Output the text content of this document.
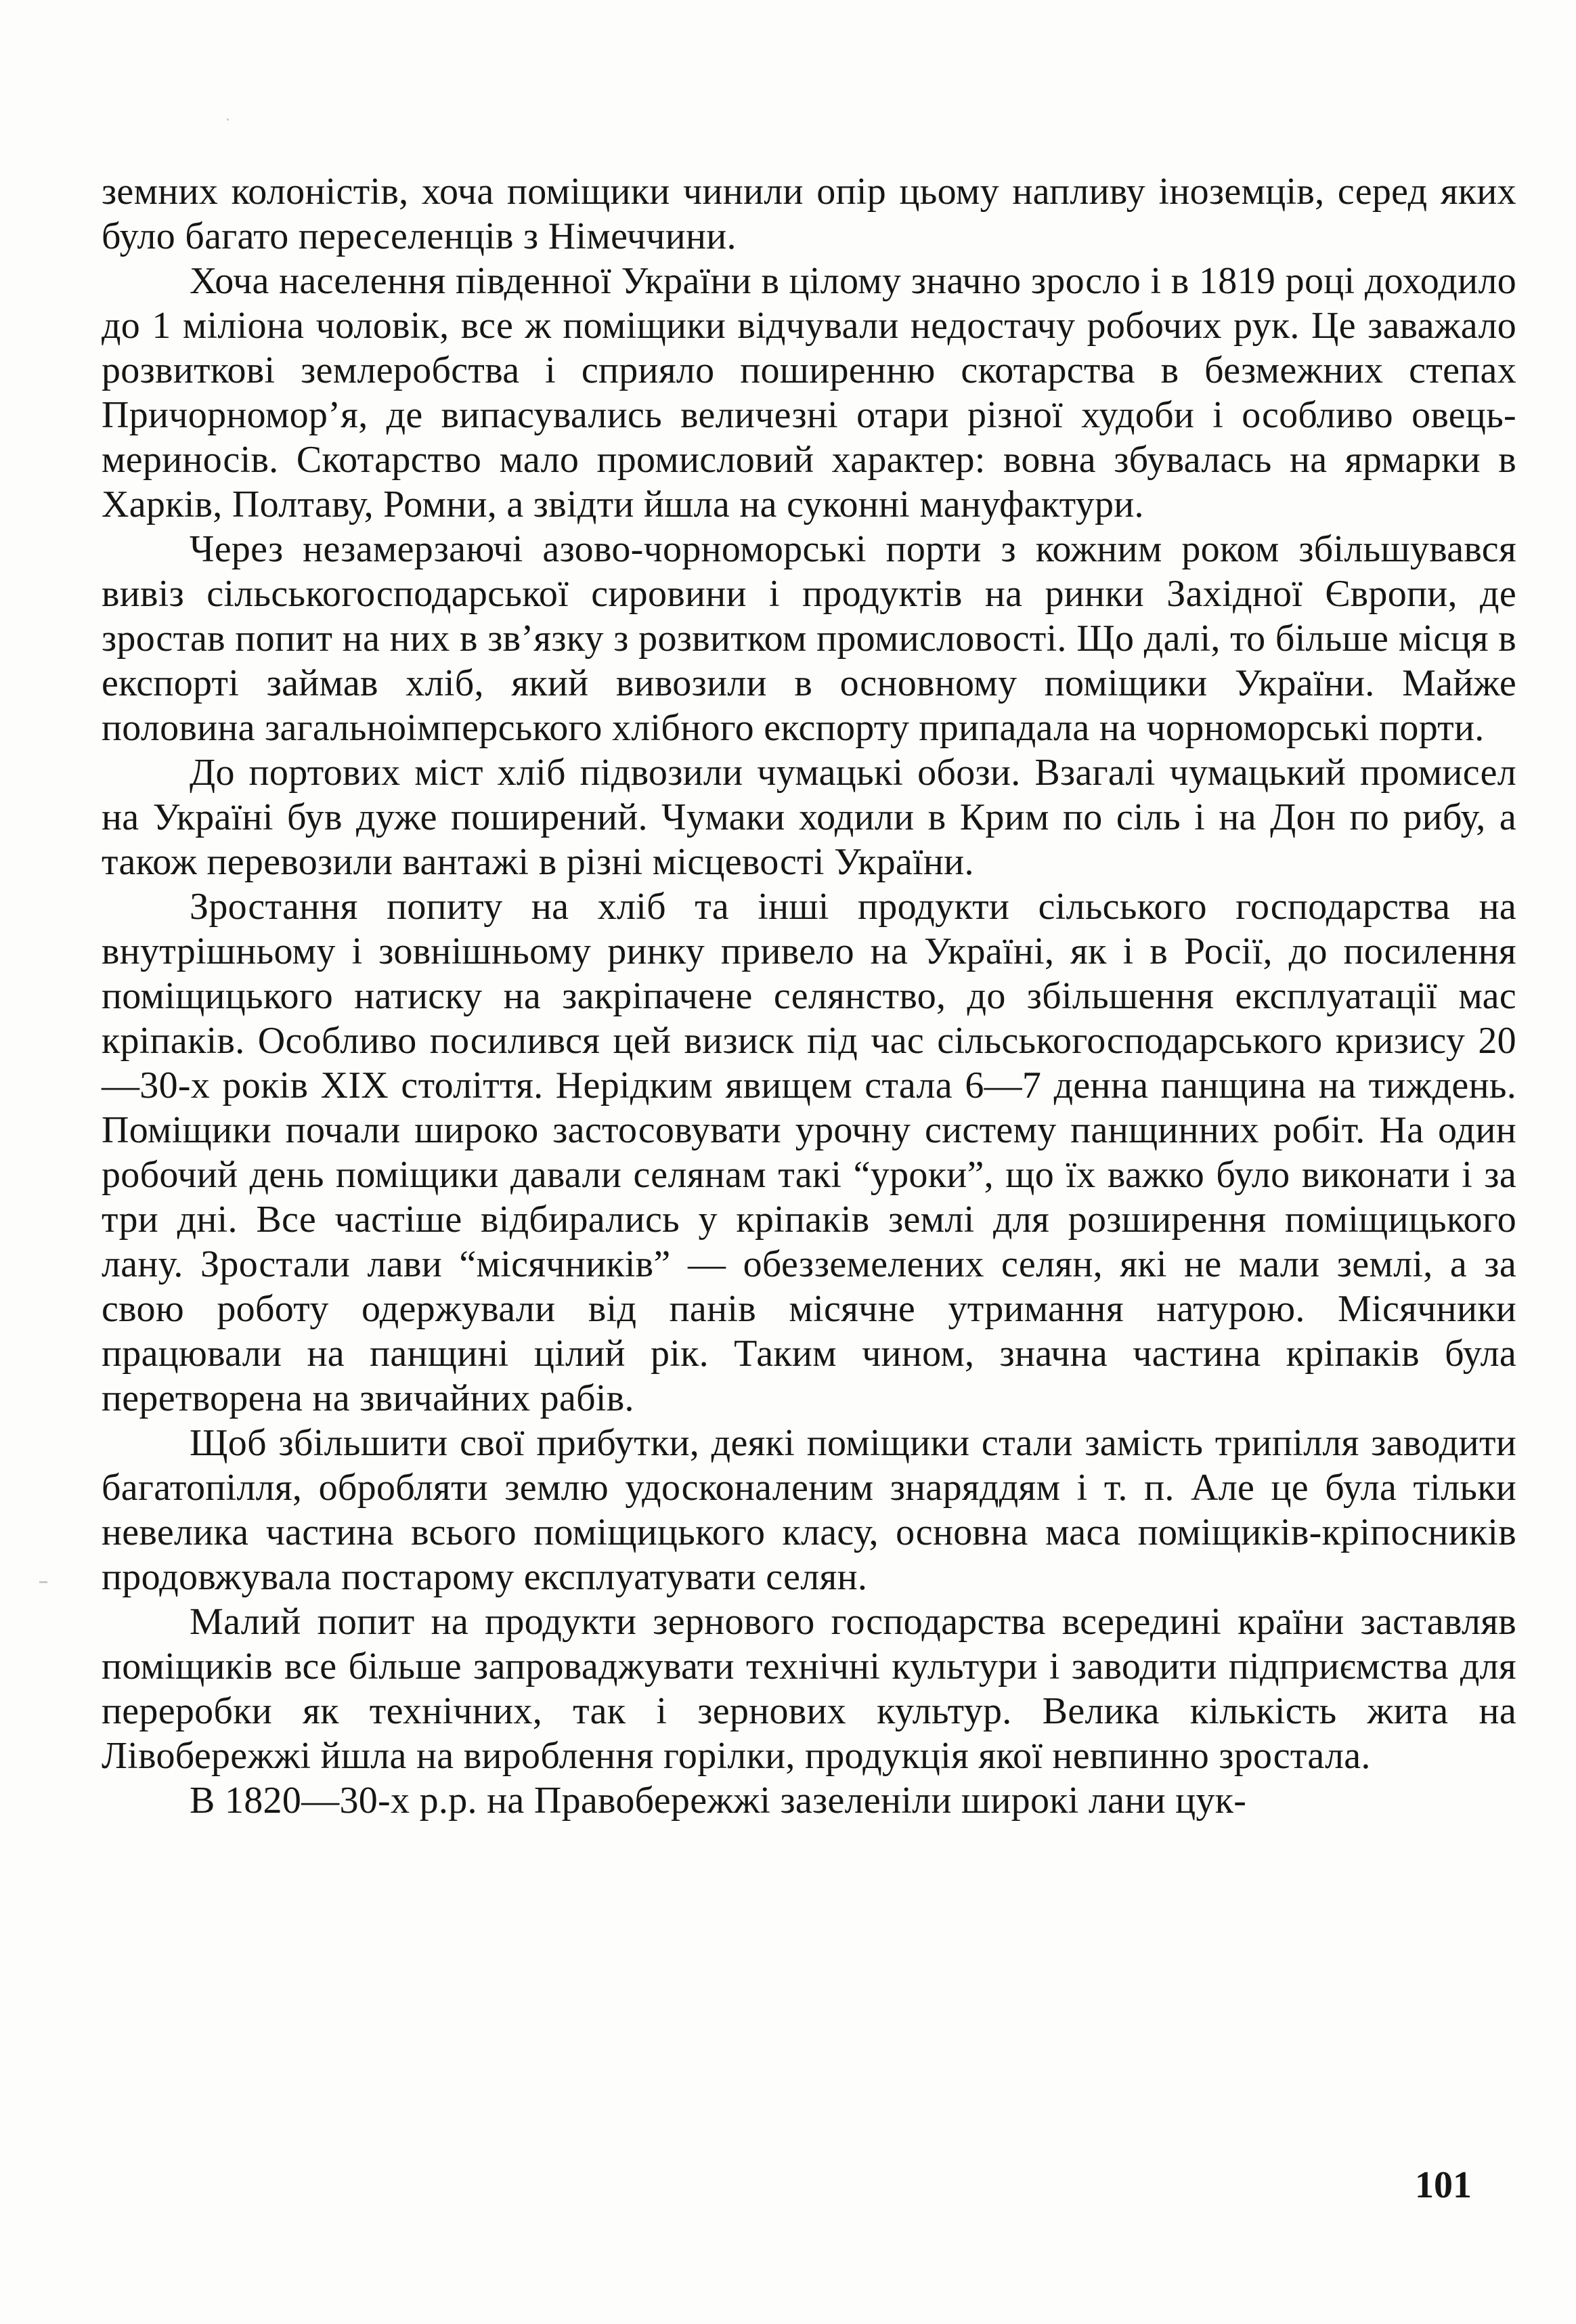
земних колоністів, хоча поміщики чинили опір цьому напливу іноземців, серед яких було багато переселенців з Німеччини.

Хоча населення південної України в цілому значно зросло і в 1819 році доходило до 1 міліона чоловік, все ж поміщики відчували недостачу робочих рук. Це заважало розвиткові землеробства і сприяло поширенню скотарства в безмежних степах Причорномор’я, де випасувались величезні отари різної худоби і особливо овець-мериносів. Скотарство мало промисловий характер: вовна збувалась на ярмарки в Харків, Полтаву, Ромни, а звідти йшла на суконні мануфактури.

Через незамерзаючі азово-чорноморські порти з кожним роком збільшувався вивіз сільськогосподарської сировини і продуктів на ринки Західної Європи, де зростав попит на них в зв’язку з розвитком промисловості. Що далі, то більше місця в експорті займав хліб, який вивозили в основному поміщики України. Майже половина загальноімперського хлібного експорту припадала на чорноморські порти.

До портових міст хліб підвозили чумацькі обози. Взагалі чумацький промисел на Україні був дуже поширений. Чумаки ходили в Крим по сіль і на Дон по рибу, а також перевозили вантажі в різні місцевості України.

Зростання попиту на хліб та інші продукти сільського господарства на внутрішньому і зовнішньому ринку привело на Україні, як і в Росії, до посилення поміщицького натиску на закріпачене селянство, до збільшення експлуатації мас кріпаків. Особливо посилився цей визиск під час сільськогосподарського кризису 20—30-х років XIX століття. Нерідким явищем стала 6—7 денна панщина на тиждень. Поміщики почали широко застосовувати урочну систему панщинних робіт. На один робочий день поміщики давали селянам такі “уроки”, що їх важко було виконати і за три дні. Все частіше відбирались у кріпаків землі для розширення поміщицького лану. Зростали лави “місячників” — обезземелених селян, які не мали землі, а за свою роботу одержували від панів місячне утримання натурою. Місячники працювали на панщині цілий рік. Таким чином, значна частина кріпаків була перетворена на звичайних рабів.

Щоб збільшити свої прибутки, деякі поміщики стали замість трипілля заводити багатопілля, обробляти землю удосконаленим знаряддям і т. п. Але це була тільки невелика частина всього поміщицького класу, основна маса поміщиків-кріпосників продовжувала постарому експлуатувати селян.

Малий попит на продукти зернового господарства всередині країни заставляв поміщиків все більше запроваджувати технічні культури і заводити підприємства для переробки як технічних, так і зернових культур. Велика кількість жита на Лівобережжі йшла на вироблення горілки, продукція якої невпинно зростала.

В 1820—30-х р.р. на Правобережжі зазеленіли широкі лани цук-

101
